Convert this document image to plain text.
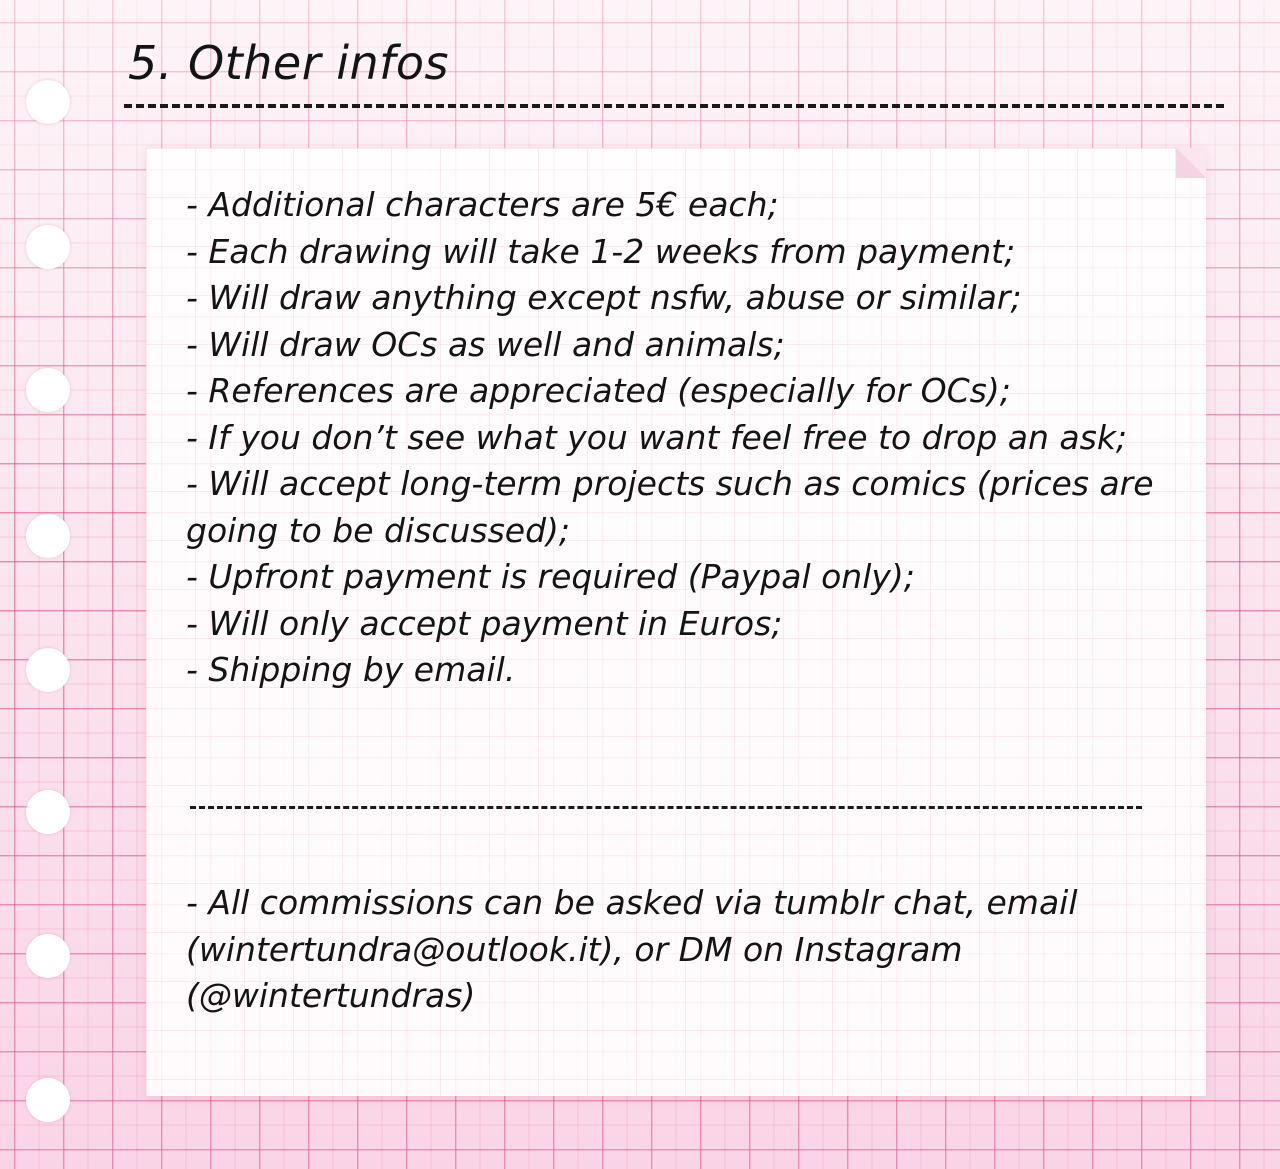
5. Other infos
- Additional characters are 5€ each;
- Each drawing will take 1-2 weeks from payment;
- Will draw anything except nsfw, abuse or similar;
- Will draw OCs as well and animals;
- References are appreciated (especially for OCs);
- If you don’t see what you want feel free to drop an ask;
- Will accept long-term projects such as comics (prices are going to be discussed);
- Upfront payment is required (Paypal only);
- Will only accept payment in Euros;
- Shipping by email.
- All commissions can be asked via tumblr chat, email (wintertundra@outlook.it), or DM on Instagram (@wintertundras)
